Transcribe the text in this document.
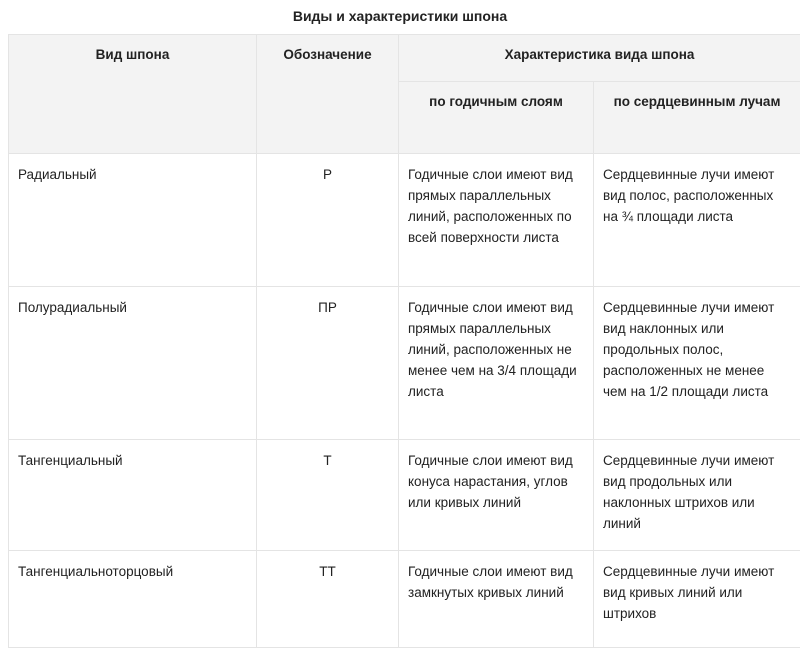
Виды и характеристики шпона
Вид шпона	Обозначение	Характеристика вида шпона	
		по годичным слоям	по сердцевинным лучам
Радиальный	Р	Годичные слои имеют вид прямых параллельных линий, расположенных по всей поверхности листа	Сердцевинные лучи имеют вид полос, расположенных на ¾ площади листа
Полурадиальный	ПР	Годичные слои имеют вид прямых параллельных линий, расположенных не менее чем на 3/4 площади листа	Сердцевинные лучи имеют вид наклонных или продольных полос, расположенных не менее чем на 1/2 площади листа
Тангенциальный	Т	Годичные слои имеют вид конуса нарастания, углов или кривых линий	Сердцевинные лучи имеют вид продольных или наклонных штрихов или линий
Тангенциальноторцовый	ТТ	Годичные слои имеют вид замкнутых кривых линий	Сердцевинные лучи имеют вид кривых линий или штрихов
